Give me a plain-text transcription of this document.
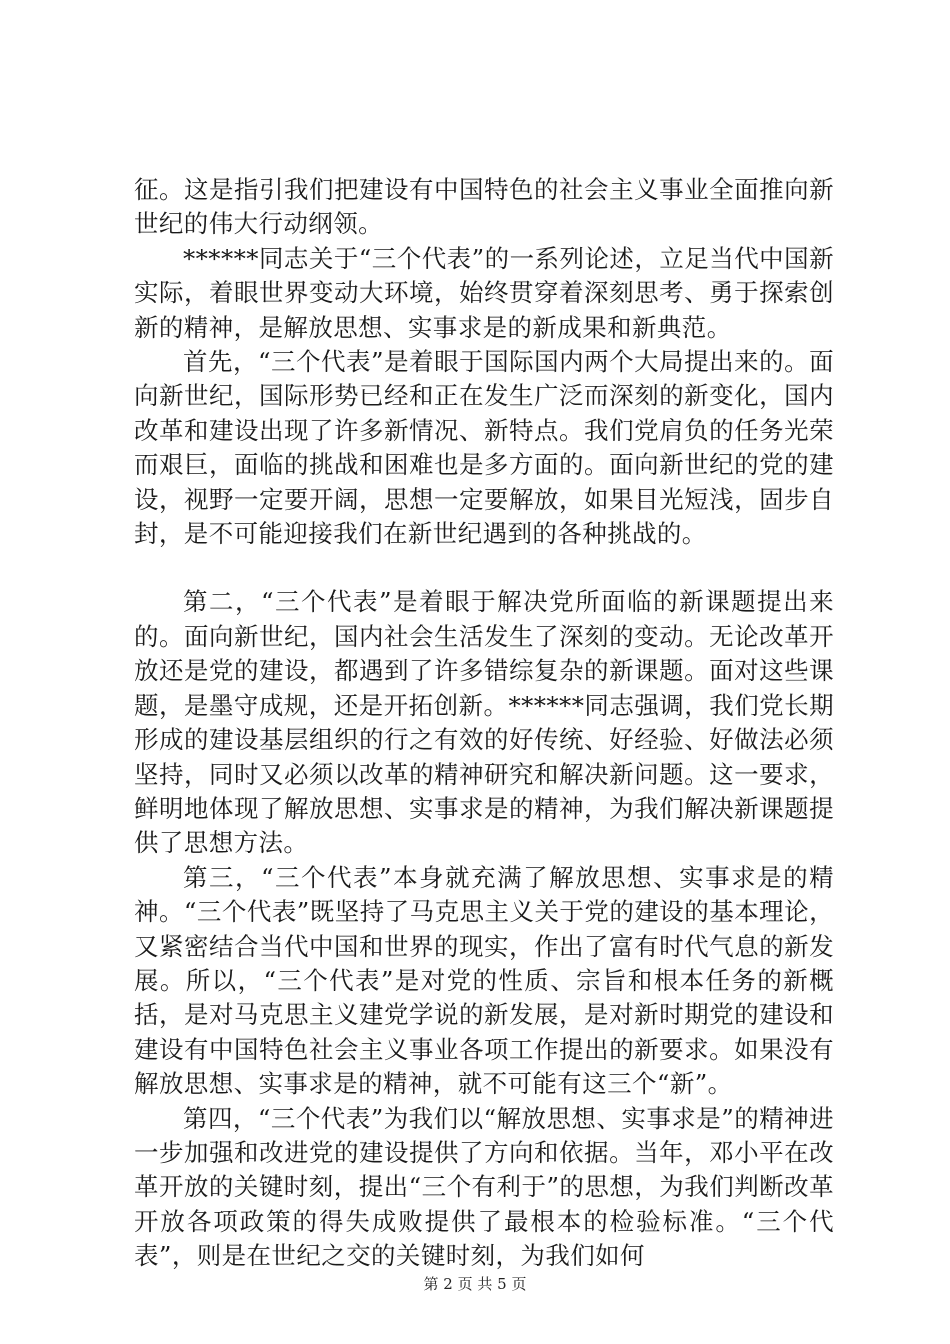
征。这是指引我们把建设有中国特色的社会主义事业全面推向新世纪的伟大行动纲领。

******同志关于“三个代表”的一系列论述，立足当代中国新实际，着眼世界变动大环境，始终贯穿着深刻思考、勇于探索创新的精神，是解放思想、实事求是的新成果和新典范。

首先，“三个代表”是着眼于国际国内两个大局提出来的。面向新世纪，国际形势已经和正在发生广泛而深刻的新变化，国内改革和建设出现了许多新情况、新特点。我们党肩负的任务光荣而艰巨，面临的挑战和困难也是多方面的。面向新世纪的党的建设，视野一定要开阔，思想一定要解放，如果目光短浅，固步自封，是不可能迎接我们在新世纪遇到的各种挑战的。

第二，“三个代表”是着眼于解决党所面临的新课题提出来的。面向新世纪，国内社会生活发生了深刻的变动。无论改革开放还是党的建设，都遇到了许多错综复杂的新课题。面对这些课题，是墨守成规，还是开拓创新。******同志强调，我们党长期形成的建设基层组织的行之有效的好传统、好经验、好做法必须坚持，同时又必须以改革的精神研究和解决新问题。这一要求，鲜明地体现了解放思想、实事求是的精神，为我们解决新课题提供了思想方法。

第三，“三个代表”本身就充满了解放思想、实事求是的精神。“三个代表”既坚持了马克思主义关于党的建设的基本理论，又紧密结合当代中国和世界的现实，作出了富有时代气息的新发展。所以，“三个代表”是对党的性质、宗旨和根本任务的新概括，是对马克思主义建党学说的新发展，是对新时期党的建设和建设有中国特色社会主义事业各项工作提出的新要求。如果没有解放思想、实事求是的精神，就不可能有这三个“新”。

第四，“三个代表”为我们以“解放思想、实事求是”的精神进一步加强和改进党的建设提供了方向和依据。当年，邓小平在改革开放的关键时刻，提出“三个有利于”的思想，为我们判断改革开放各项政策的得失成败提供了最根本的检验标准。“三个代表”，则是在世纪之交的关键时刻，为我们如何

第 2 页 共 5 页
